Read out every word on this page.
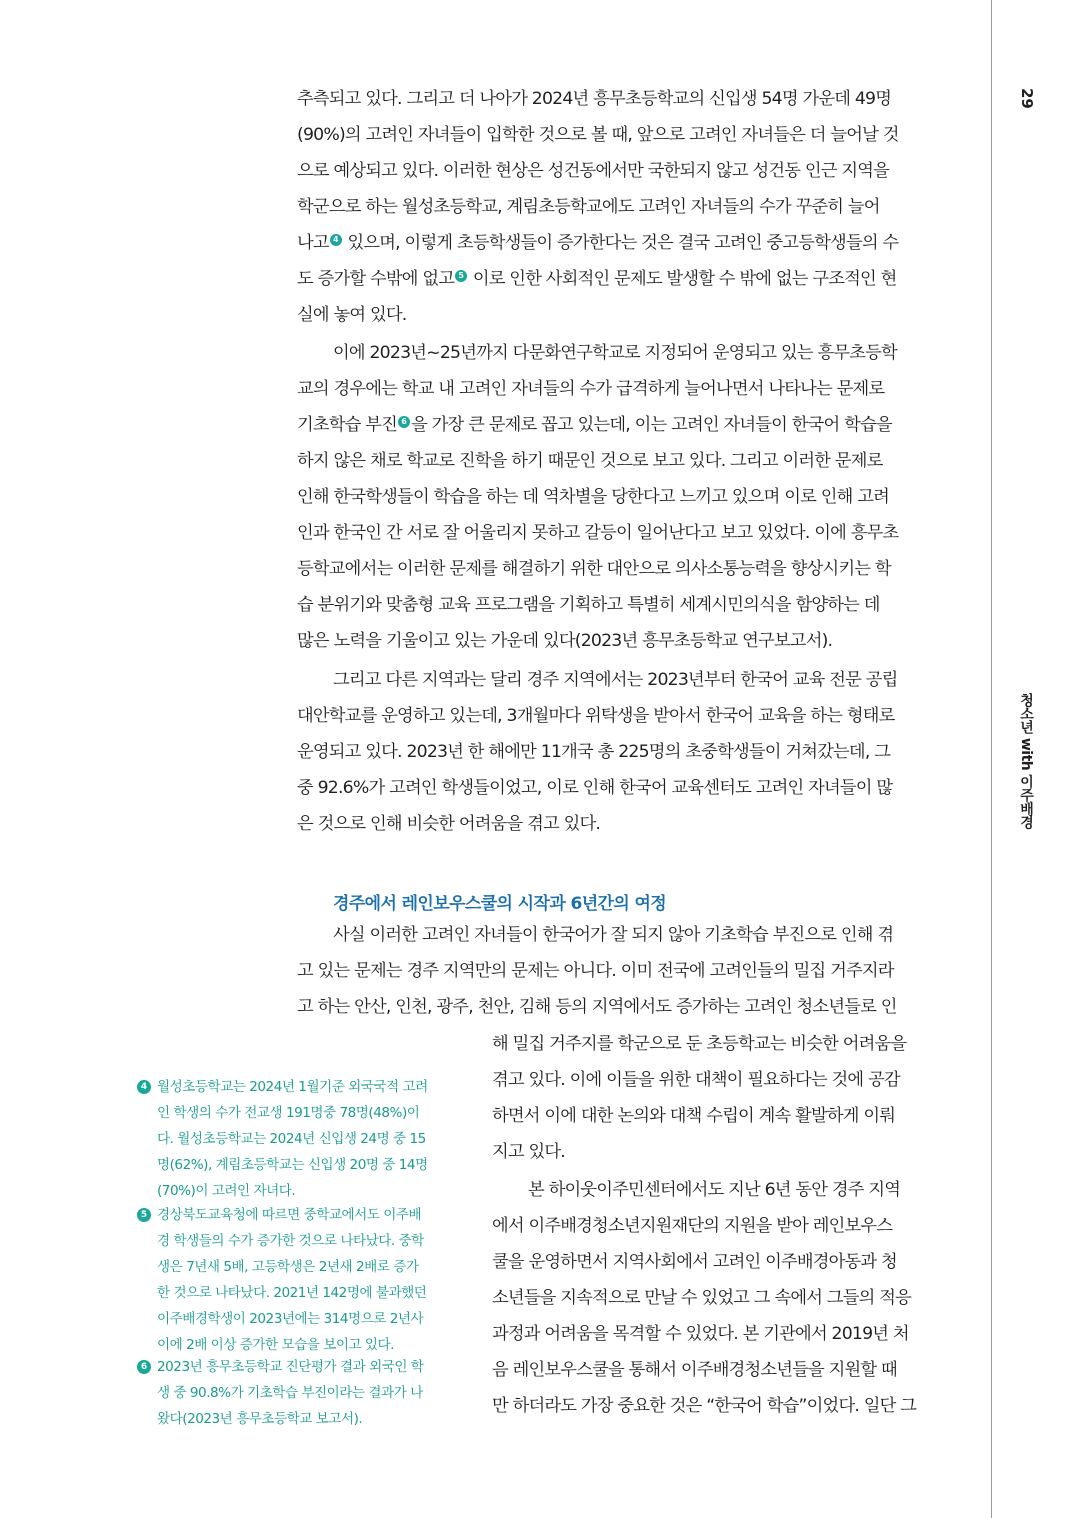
29
청소년 with 이주배경
추측되고 있다. 그리고 더 나아가 2024년 흥무초등학교의 신입생 54명 가운데 49명
(90%)의 고려인 자녀들이 입학한 것으로 볼 때, 앞으로 고려인 자녀들은 더 늘어날 것
으로 예상되고 있다. 이러한 현상은 성건동에서만 국한되지 않고 성건동 인근 지역을
학군으로 하는 월성초등학교, 계림초등학교에도 고려인 자녀들의 수가 꾸준히 늘어
나고 4 있으며, 이렇게 초등학생들이 증가한다는 것은 결국 고려인 중고등학생들의 수
도 증가할 수밖에 없고 5 이로 인한 사회적인 문제도 발생할 수 밖에 없는 구조적인 현
실에 놓여 있다.
이에 2023년~25년까지 다문화연구학교로 지정되어 운영되고 있는 흥무초등학
교의 경우에는 학교 내 고려인 자녀들의 수가 급격하게 늘어나면서 나타나는 문제로
기초학습 부진 6 을 가장 큰 문제로 꼽고 있는데, 이는 고려인 자녀들이 한국어 학습을
하지 않은 채로 학교로 진학을 하기 때문인 것으로 보고 있다. 그리고 이러한 문제로
인해 한국학생들이 학습을 하는 데 역차별을 당한다고 느끼고 있으며 이로 인해 고려
인과 한국인 간 서로 잘 어울리지 못하고 갈등이 일어난다고 보고 있었다. 이에 흥무초
등학교에서는 이러한 문제를 해결하기 위한 대안으로 의사소통능력을 향상시키는 학
습 분위기와 맞춤형 교육 프로그램을 기획하고 특별히 세계시민의식을 함양하는 데
많은 노력을 기울이고 있는 가운데 있다(2023년 흥무초등학교 연구보고서).
그리고 다른 지역과는 달리 경주 지역에서는 2023년부터 한국어 교육 전문 공립
대안학교를 운영하고 있는데, 3개월마다 위탁생을 받아서 한국어 교육을 하는 형태로
운영되고 있다. 2023년 한 해에만 11개국 총 225명의 초중학생들이 거쳐갔는데, 그
중 92.6%가 고려인 학생들이었고, 이로 인해 한국어 교육센터도 고려인 자녀들이 많
은 것으로 인해 비슷한 어려움을 겪고 있다.
경주에서 레인보우스쿨의 시작과 6년간의 여정
사실 이러한 고려인 자녀들이 한국어가 잘 되지 않아 기초학습 부진으로 인해 겪
고 있는 문제는 경주 지역만의 문제는 아니다. 이미 전국에 고려인들의 밀집 거주지라
고 하는 안산, 인천, 광주, 천안, 김해 등의 지역에서도 증가하는 고려인 청소년들로 인
해 밀집 거주지를 학군으로 둔 초등학교는 비슷한 어려움을
겪고 있다. 이에 이들을 위한 대책이 필요하다는 것에 공감
하면서 이에 대한 논의와 대책 수립이 계속 활발하게 이뤄
지고 있다.
본 하이웃이주민센터에서도 지난 6년 동안 경주 지역
에서 이주배경청소년지원재단의 지원을 받아 레인보우스
쿨을 운영하면서 지역사회에서 고려인 이주배경아동과 청
소년들을 지속적으로 만날 수 있었고 그 속에서 그들의 적응
과정과 어려움을 목격할 수 있었다. 본 기관에서 2019년 처
음 레인보우스쿨을 통해서 이주배경청소년들을 지원할 때
만 하더라도 가장 중요한 것은 “한국어 학습”이었다. 일단 그
4 월성초등학교는 2024년 1월기준 외국국적 고려
인 학생의 수가 전교생 191명중 78명(48%)이
다. 월성초등학교는 2024년 신입생 24명 중 15
명(62%), 계림초등학교는 신입생 20명 중 14명
(70%)이 고려인 자녀다.
5 경상북도교육청에 따르면 중학교에서도 이주배
경 학생들의 수가 증가한 것으로 나타났다. 중학
생은 7년새 5배, 고등학생은 2년새 2배로 증가
한 것으로 나타났다. 2021년 142명에 불과했던
이주배경학생이 2023년에는 314명으로 2년사
이에 2배 이상 증가한 모습을 보이고 있다.
6 2023년 흥무초등학교 진단평가 결과 외국인 학
생 중 90.8%가 기초학습 부진이라는 결과가 나
왔다(2023년 흥무초등학교 보고서).
